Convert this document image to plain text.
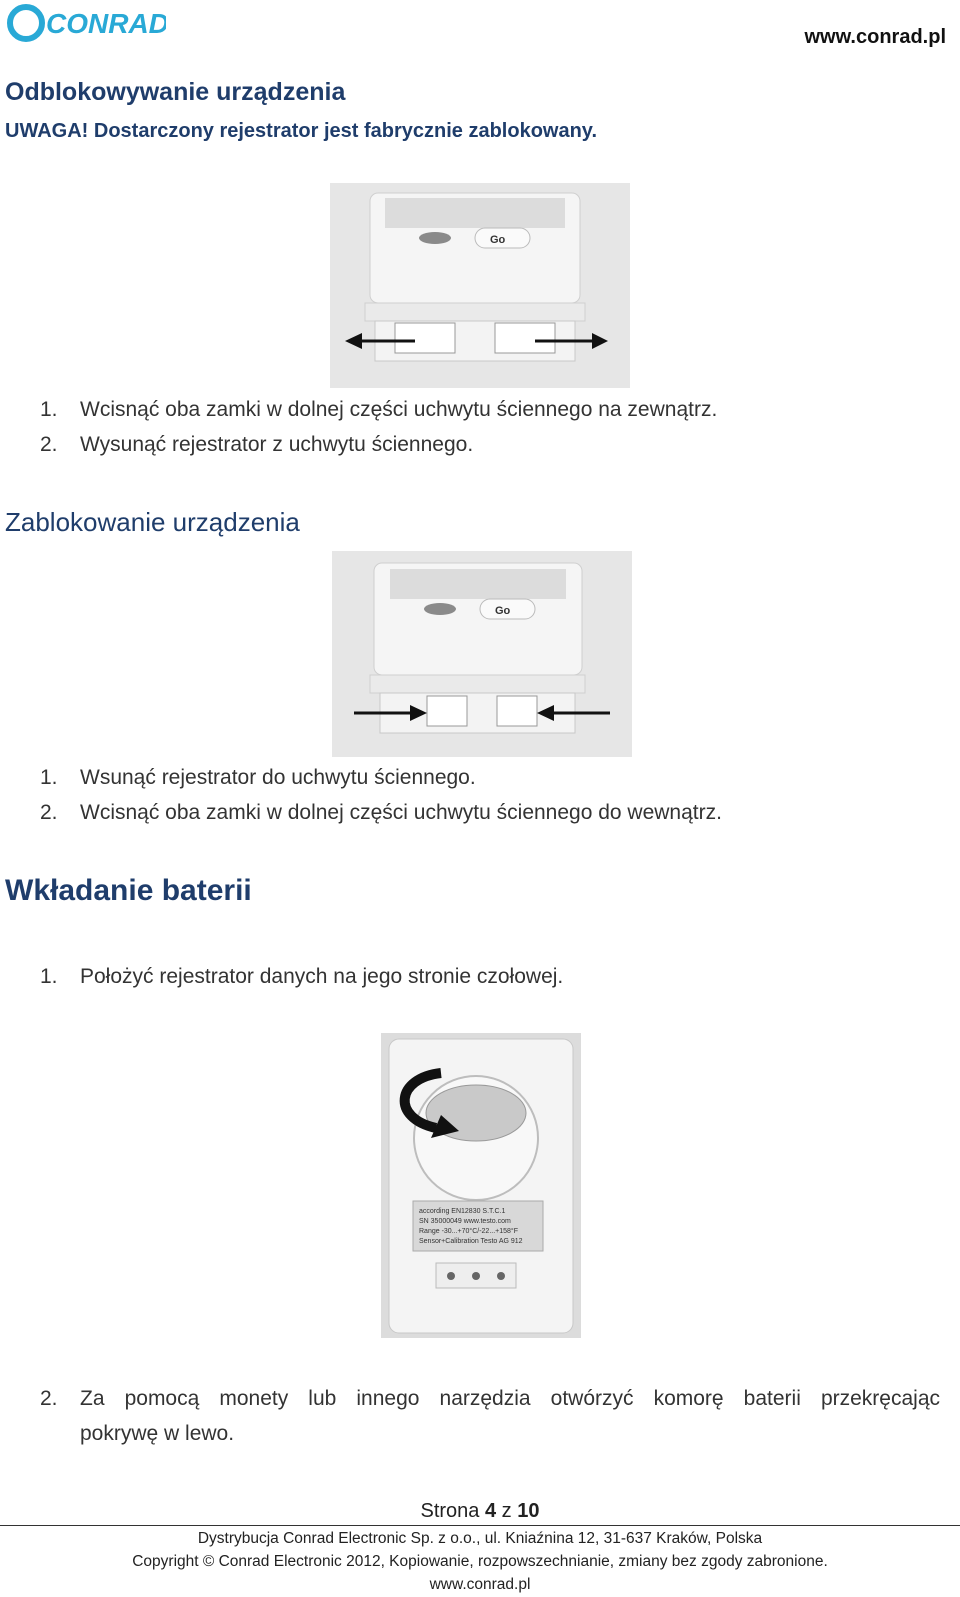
CONRAD	www.conrad.pl
Odblokowywanie urządzenia
UWAGA! Dostarczony rejestrator jest fabrycznie zablokowany.
Go
1. Wcisnąć oba zamki w dolnej części uchwytu ściennego na zewnątrz.
2. Wysunąć rejestrator z uchwytu ściennego.
Zablokowanie urządzenia
Go
1. Wsunąć rejestrator do uchwytu ściennego.
2. Wcisnąć oba zamki w dolnej części uchwytu ściennego do wewnątrz.
Wkładanie baterii
1. Położyć rejestrator danych na jego stronie czołowej.
according EN12830 S.T.C.1
SN 35000049 www.testo.com
Range -30...+70°C/-22...+158°F
Sensor+Calibration Testo AG 912
2. Za pomocą monety lub innego narzędzia otwórzyć komorę baterii przekręcając
pokrywę w lewo.
Strona 4 z 10
Dystrybucja Conrad Electronic Sp. z o.o., ul. Kniaźnina 12, 31-637 Kraków, Polska
Copyright © Conrad Electronic 2012, Kopiowanie, rozpowszechnianie, zmiany bez zgody zabronione.
www.conrad.pl
